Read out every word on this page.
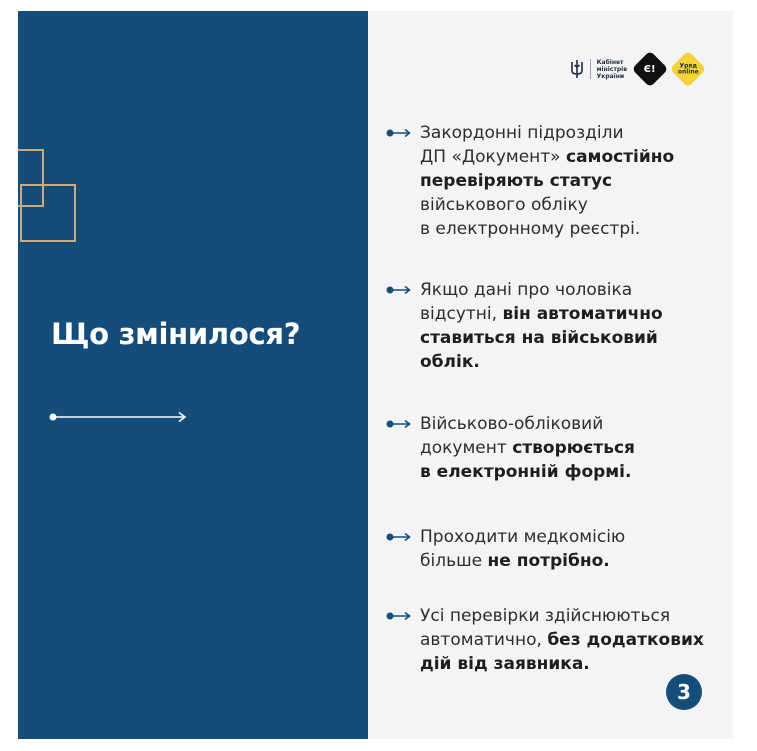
Що змінилося?
Кабінет
міністрів
України
Є!	Уряд
online
Закордонні підрозділи
ДП «Документ» самостійно
перевіряють статус
військового обліку
в електронному реєстрі.
Якщо дані про чоловіка
відсутні, він автоматично
ставиться на військовий
облік.
Військово-обліковий
документ створюється
в електронній формі.
Проходити медкомісію
більше не потрібно.
Усі перевірки здійснюються
автоматично, без додаткових
дій від заявника.
3
